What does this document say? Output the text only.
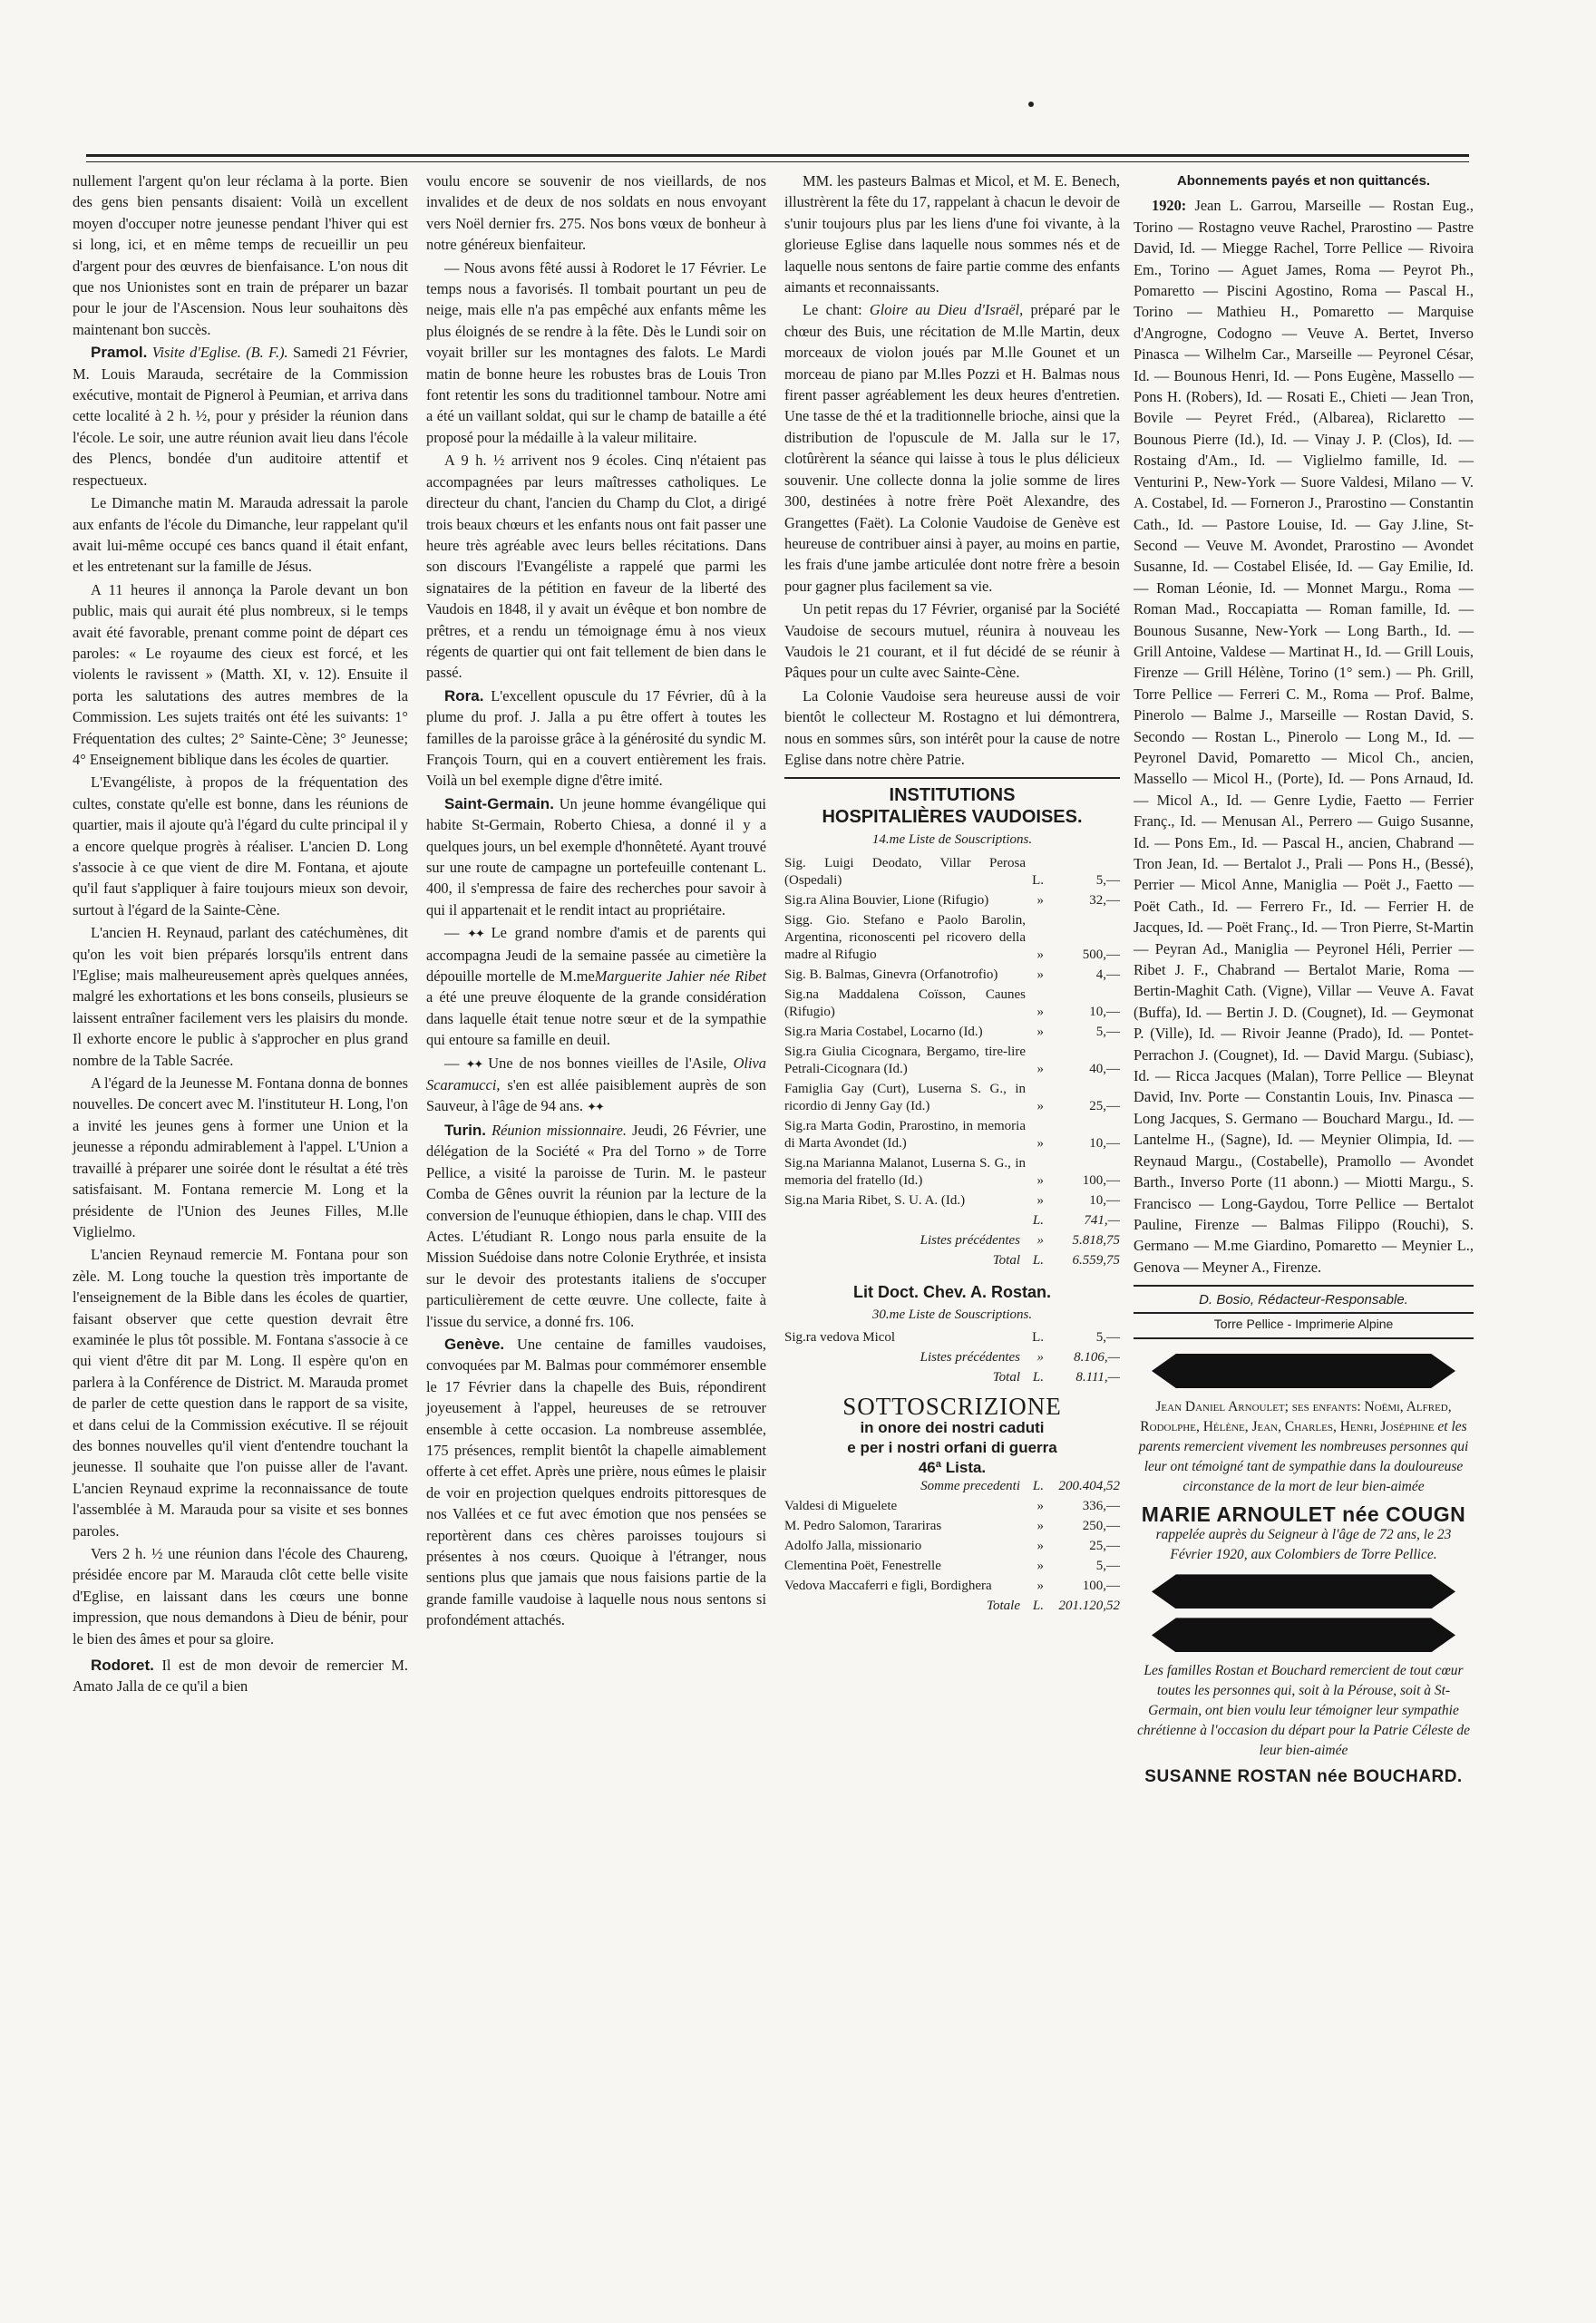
nullement l'argent qu'on leur réclama à la porte. Bien des gens bien pensants disaient: Voilà un excellent moyen d'occuper notre jeunesse pendant l'hiver qui est si long, ici, et en même temps de recueillir un peu d'argent pour des œuvres de bienfaisance. L'on nous dit que nos Unionistes sont en train de préparer un bazar pour le jour de l'Ascension. Nous leur souhaitons dès maintenant bon succès.

Pramol. Visite d'Eglise. (B. F.). Samedi 21 Février, M. Louis Marauda, secrétaire de la Commission exécutive, montait de Pignerol à Peumian, et arriva dans cette localité à 2 h. ½, pour y présider la réunion dans l'école. Le soir, une autre réunion avait lieu dans l'école des Plencs, bondée d'un auditoire attentif et respectueux.

Le Dimanche matin M. Marauda adressait la parole aux enfants de l'école du Dimanche, leur rappelant qu'il avait lui-même occupé ces bancs quand il était enfant, et les entretenant sur la famille de Jésus.

A 11 heures il annonça la Parole devant un bon public, mais qui aurait été plus nombreux, si le temps avait été favorable, prenant comme point de départ ces paroles: « Le royaume des cieux est forcé, et les violents le ravissent » (Matth. XI, v. 12). Ensuite il porta les salutations des autres membres de la Commission. Les sujets traités ont été les suivants: 1° Fréquentation des cultes; 2° Sainte-Cène; 3° Jeunesse; 4° Enseignement biblique dans les écoles de quartier.

L'Evangéliste, à propos de la fréquentation des cultes, constate qu'elle est bonne, dans les réunions de quartier, mais il ajoute qu'à l'égard du culte principal il y a encore quelque progrès à réaliser. L'ancien D. Long s'associe à ce que vient de dire M. Fontana, et ajoute qu'il faut s'appliquer à faire toujours mieux son devoir, surtout à l'égard de la Sainte-Cène.

L'ancien H. Reynaud, parlant des catéchumènes, dit qu'on les voit bien préparés lorsqu'ils entrent dans l'Eglise; mais malheureusement après quelques années, malgré les exhortations et les bons conseils, plusieurs se laissent entraîner facilement vers les plaisirs du monde. Il exhorte encore le public à s'approcher en plus grand nombre de la Table Sacrée.

A l'égard de la Jeunesse M. Fontana donna de bonnes nouvelles. De concert avec M. l'instituteur H. Long, l'on a invité les jeunes gens à former une Union et la jeunesse a répondu admirablement à l'appel. L'Union a travaillé à préparer une soirée dont le résultat a été très satisfaisant. M. Fontana remercie M. Long et la présidente de l'Union des Jeunes Filles, M.lle Viglielmo.

L'ancien Reynaud remercie M. Fontana pour son zèle. M. Long touche la question très importante de l'enseignement de la Bible dans les écoles de quartier, faisant observer que cette question devrait être examinée le plus tôt possible. M. Fontana s'associe à ce qui vient d'être dit par M. Long. Il espère qu'on en parlera à la Conférence de District. M. Marauda promet de parler de cette question dans le rapport de sa visite, et dans celui de la Commission exécutive. Il se réjouit des bonnes nouvelles qu'il vient d'entendre touchant la jeunesse. Il souhaite que l'on puisse aller de l'avant. L'ancien Reynaud exprime la reconnaissance de toute l'assemblée à M. Marauda pour sa visite et ses bonnes paroles.

Vers 2 h. ½ une réunion dans l'école des Chaureng, présidée encore par M. Marauda clôt cette belle visite d'Eglise, en laissant dans les cœurs une bonne impression, que nous demandons à Dieu de bénir, pour le bien des âmes et pour sa gloire.

Rodoret. Il est de mon devoir de remercier M. Amato Jalla de ce qu'il a bien

voulu encore se souvenir de nos vieillards, de nos invalides et de deux de nos soldats en nous envoyant vers Noël dernier frs. 275. Nos bons vœux de bonheur à notre généreux bienfaiteur.

— Nous avons fêté aussi à Rodoret le 17 Février. Le temps nous a favorisés. Il tombait pourtant un peu de neige, mais elle n'a pas empêché aux enfants même les plus éloignés de se rendre à la fête. Dès le Lundi soir on voyait briller sur les montagnes des falots. Le Mardi matin de bonne heure les robustes bras de Louis Tron font retentir les sons du traditionnel tambour. Notre ami a été un vaillant soldat, qui sur le champ de bataille a été proposé pour la médaille à la valeur militaire.

A 9 h. ½ arrivent nos 9 écoles. Cinq n'étaient pas accompagnées par leurs maîtresses catholiques. Le directeur du chant, l'ancien du Champ du Clot, a dirigé trois beaux chœurs et les enfants nous ont fait passer une heure très agréable avec leurs belles récitations. Dans son discours l'Evangéliste a rappelé que parmi les signataires de la pétition en faveur de la liberté des Vaudois en 1848, il y avait un évêque et bon nombre de prêtres, et a rendu un témoignage ému à nos vieux régents de quartier qui ont fait tellement de bien dans le passé.

Rora. L'excellent opuscule du 17 Février, dû à la plume du prof. J. Jalla a pu être offert à toutes les familles de la paroisse grâce à la générosité du syndic M. François Tourn, qui en a couvert entièrement les frais. Voilà un bel exemple digne d'être imité.

Saint-Germain. Un jeune homme évangélique qui habite St-Germain, Roberto Chiesa, a donné il y a quelques jours, un bel exemple d'honnêteté. Ayant trouvé sur une route de campagne un portefeuille contenant L. 400, il s'empressa de faire des recherches pour savoir à qui il appartenait et le rendit intact au propriétaire.

— ✦✦ Le grand nombre d'amis et de parents qui accompagna Jeudi de la semaine passée au cimetière la dépouille mortelle de M.meMarguerite Jahier née Ribet a été une preuve éloquente de la grande considération dans laquelle était tenue notre sœur et de la sympathie qui entoure sa famille en deuil.

— ✦✦ Une de nos bonnes vieilles de l'Asile, Oliva Scaramucci, s'en est allée paisiblement auprès de son Sauveur, à l'âge de 94 ans. ✦✦

Turin. Réunion missionnaire. Jeudi, 26 Février, une délégation de la Société « Pra del Torno » de Torre Pellice, a visité la paroisse de Turin. M. le pasteur Comba de Gênes ouvrit la réunion par la lecture de la conversion de l'eunuque éthiopien, dans le chap. VIII des Actes. L'étudiant R. Longo nous parla ensuite de la Mission Suédoise dans notre Colonie Erythrée, et insista sur le devoir des protestants italiens de s'occuper particulièrement de cette œuvre. Une collecte, faite à l'issue du service, a donné frs. 106.

Genève. Une centaine de familles vaudoises, convoquées par M. Balmas pour commémorer ensemble le 17 Février dans la chapelle des Buis, répondirent joyeusement à l'appel, heureuses de se retrouver ensemble à cette occasion. La nombreuse assemblée, 175 présences, remplit bientôt la chapelle aimablement offerte à cet effet. Après une prière, nous eûmes le plaisir de voir en projection quelques endroits pittoresques de nos Vallées et ce fut avec émotion que nos pensées se reportèrent dans ces chères paroisses toujours si présentes à nos cœurs. Quoique à l'étranger, nous sentions plus que jamais que nous faisions partie de la grande famille vaudoise à laquelle nous nous sentons si profondément attachés.

MM. les pasteurs Balmas et Micol, et M. E. Benech, illustrèrent la fête du 17, rappelant à chacun le devoir de s'unir toujours plus par les liens d'une foi vivante, à la glorieuse Eglise dans laquelle nous sommes nés et de laquelle nous sentons de faire partie comme des enfants aimants et reconnaissants.

Le chant: Gloire au Dieu d'Israël, préparé par le chœur des Buis, une récitation de M.lle Martin, deux morceaux de violon joués par M.lle Gounet et un morceau de piano par M.lles Pozzi et H. Balmas nous firent passer agréablement les deux heures d'entretien. Une tasse de thé et la traditionnelle brioche, ainsi que la distribution de l'opuscule de M. Jalla sur le 17, clotûrèrent la séance qui laisse à tous le plus délicieux souvenir. Une collecte donna la jolie somme de lires 300, destinées à notre frère Poët Alexandre, des Grangettes (Faët). La Colonie Vaudoise de Genève est heureuse de contribuer ainsi à payer, au moins en partie, les frais d'une jambe articulée dont notre frère a besoin pour gagner plus facilement sa vie.

Un petit repas du 17 Février, organisé par la Société Vaudoise de secours mutuel, réunira à nouveau les Vaudois le 21 courant, et il fut décidé de se réunir à Pâques pour un culte avec Sainte-Cène.

La Colonie Vaudoise sera heureuse aussi de voir bientôt le collecteur M. Rostagno et lui démontrera, nous en sommes sûrs, son intérêt pour la cause de notre Eglise dans notre chère Patrie.

INSTITUTIONS
HOSPITALIÈRES VAUDOISES.
14.me Liste de Souscriptions.
Sig. Luigi Deodato, Villar Perosa (Ospedali)	L.	5,—
Sig.ra Alina Bouvier, Lione (Rifugio)	»	32,—
Sigg. Gio. Stefano e Paolo Barolin, Argentina, riconoscenti pel ricovero della madre al Rifugio	»	500,—
Sig. B. Balmas, Ginevra (Orfanotrofio)	»	4,—
Sig.na Maddalena Coïsson, Caunes (Rifugio)	»	10,—
Sig.ra Maria Costabel, Locarno (Id.)	»	5,—
Sig.ra Giulia Cicognara, Bergamo, tire-lire Petrali-Cicognara (Id.)	»	40,—
Famiglia Gay (Curt), Luserna S. G., in ricordio di Jenny Gay (Id.)	»	25,—
Sig.ra Marta Godin, Prarostino, in memoria di Marta Avondet (Id.)	»	10,—
Sig.na Marianna Malanot, Luserna S. G., in memoria del fratello (Id.)	»	100,—
Sig.na Maria Ribet, S. U. A. (Id.)	»	10,—
	L.	741,—
Listes précédentes	»	5.818,75
Total	L.	6.559,75
Lit Doct. Chev. A. Rostan.
30.me Liste de Souscriptions.
Sig.ra vedova Micol	L.	5,—
Listes précédentes	»	8.106,—
Total	L.	8.111,—
SOTTOSCRIZIONE
in onore dei nostri caduti
e per i nostri orfani di guerra
46ª Lista.
Somme precedenti	L.	200.404,52
Valdesi di Miguelete	»	336,—
M. Pedro Salomon, Tarariras	»	250,—
Adolfo Jalla, missionario	»	25,—
Clementina Poët, Fenestrelle	»	5,—
Vedova Maccaferri e figli, Bordighera	»	100,—
Totale	L.	201.120,52
Abonnements payés et non quittancés.

1920: Jean L. Garrou, Marseille — Rostan Eug., Torino — Rostagno veuve Rachel, Prarostino — Pastre David, Id. — Miegge Rachel, Torre Pellice — Rivoira Em., Torino — Aguet James, Roma — Peyrot Ph., Pomaretto — Piscini Agostino, Roma — Pascal H., Torino — Mathieu H., Pomaretto — Marquise d'Angrogne, Codogno — Veuve A. Bertet, Inverso Pinasca — Wilhelm Car., Marseille — Peyronel César, Id. — Bounous Henri, Id. — Pons Eugène, Massello — Pons H. (Robers), Id. — Rosati E., Chieti — Jean Tron, Bovile — Peyret Fréd., (Albarea), Riclaretto — Bounous Pierre (Id.), Id. — Vinay J. P. (Clos), Id. — Rostaing d'Am., Id. — Viglielmo famille, Id. — Venturini P., New-York — Suore Valdesi, Milano — V. A. Costabel, Id. — Forneron J., Prarostino — Constantin Cath., Id. — Pastore Louise, Id. — Gay J.line, St-Second — Veuve M. Avondet, Prarostino — Avondet Susanne, Id. — Costabel Elisée, Id. — Gay Emilie, Id. — Roman Léonie, Id. — Monnet Margu., Roma — Roman Mad., Roccapiatta — Roman famille, Id. — Bounous Susanne, New-York — Long Barth., Id. — Grill Antoine, Valdese — Martinat H., Id. — Grill Louis, Firenze — Grill Hélène, Torino (1° sem.) — Ph. Grill, Torre Pellice — Ferreri C. M., Roma — Prof. Balme, Pinerolo — Balme J., Marseille — Rostan David, S. Secondo — Rostan L., Pinerolo — Long M., Id. — Peyronel David, Pomaretto — Micol Ch., ancien, Massello — Micol H., (Porte), Id. — Pons Arnaud, Id. — Micol A., Id. — Genre Lydie, Faetto — Ferrier Franç., Id. — Menusan Al., Perrero — Guigo Susanne, Id. — Pons Em., Id. — Pascal H., ancien, Chabrand — Tron Jean, Id. — Bertalot J., Prali — Pons H., (Bessé), Perrier — Micol Anne, Maniglia — Poët J., Faetto — Poët Cath., Id. — Ferrero Fr., Id. — Ferrier H. de Jacques, Id. — Poët Franç., Id. — Tron Pierre, St-Martin — Peyran Ad., Maniglia — Peyronel Héli, Perrier — Ribet J. F., Chabrand — Bertalot Marie, Roma — Bertin-Maghit Cath. (Vigne), Villar — Veuve A. Favat (Buffa), Id. — Bertin J. D. (Cougnet), Id. — Geymonat P. (Ville), Id. — Rivoir Jeanne (Prado), Id. — Pontet-Perrachon J. (Cougnet), Id. — David Margu. (Subiasc), Id. — Ricca Jacques (Malan), Torre Pellice — Bleynat David, Inv. Porte — Constantin Louis, Inv. Pinasca — Long Jacques, S. Germano — Bouchard Margu., Id. — Lantelme H., (Sagne), Id. — Meynier Olimpia, Id. — Reynaud Margu., (Costabelle), Pramollo — Avondet Barth., Inverso Porte (11 abonn.) — Miotti Margu., S. Francisco — Long-Gaydou, Torre Pellice — Bertalot Pauline, Firenze — Balmas Filippo (Rouchi), S. Germano — M.me Giardino, Pomaretto — Meynier L., Genova — Meyner A., Firenze.

D. Bosio, Rédacteur-Responsable.
Torre Pellice - Imprimerie Alpine
Jean Daniel Arnoulet; ses enfants: Noëmi, Alfred, Rodolphe, Hélène, Jean, Charles, Henri, Joséphine et les parents remercient vivement les nombreuses personnes qui leur ont témoigné tant de sympathie dans la douloureuse circonstance de la mort de leur bien-aimée
MARIE ARNOULET née COUGN
rappelée auprès du Seigneur à l'âge de 72 ans, le 23 Février 1920, aux Colombiers de Torre Pellice.
Les familles Rostan et Bouchard remercient de tout cœur toutes les personnes qui, soit à la Pérouse, soit à St-Germain, ont bien voulu leur témoigner leur sympathie chrétienne à l'occasion du départ pour la Patrie Céleste de leur bien-aimée
SUSANNE ROSTAN née BOUCHARD.
